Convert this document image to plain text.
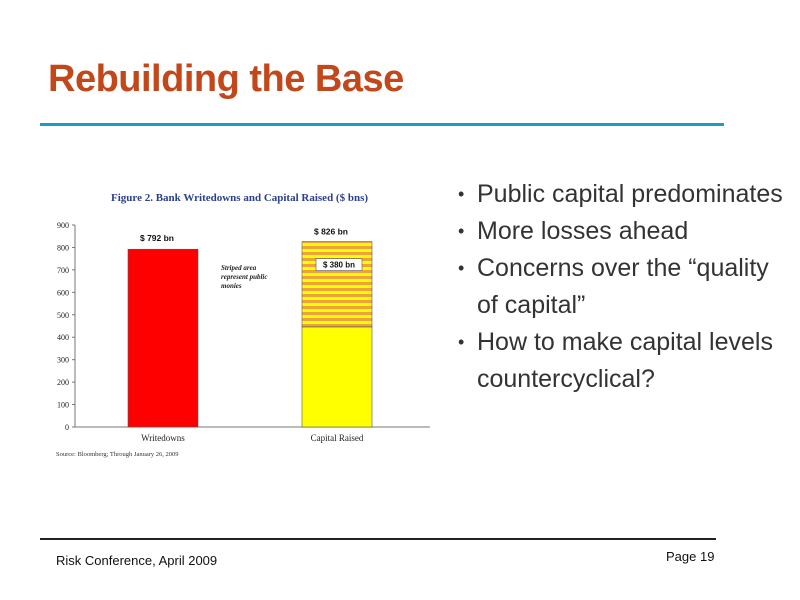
Rebuilding the Base
Figure 2. Bank Writedowns and Capital Raised ($ bns)
0
100
200
300
400
500
600
700
800
900
Writedowns	Capital Raised
$ 792 bn
$ 826 bn
$ 380 bn
Striped area represent public monies
Source: Bloomberg; Through January 26, 2009
• Public capital predominates
• More losses ahead
• Concerns over the “quality of capital”
• How to make capital levels countercyclical?
Risk Conference, April 2009	Page 19
